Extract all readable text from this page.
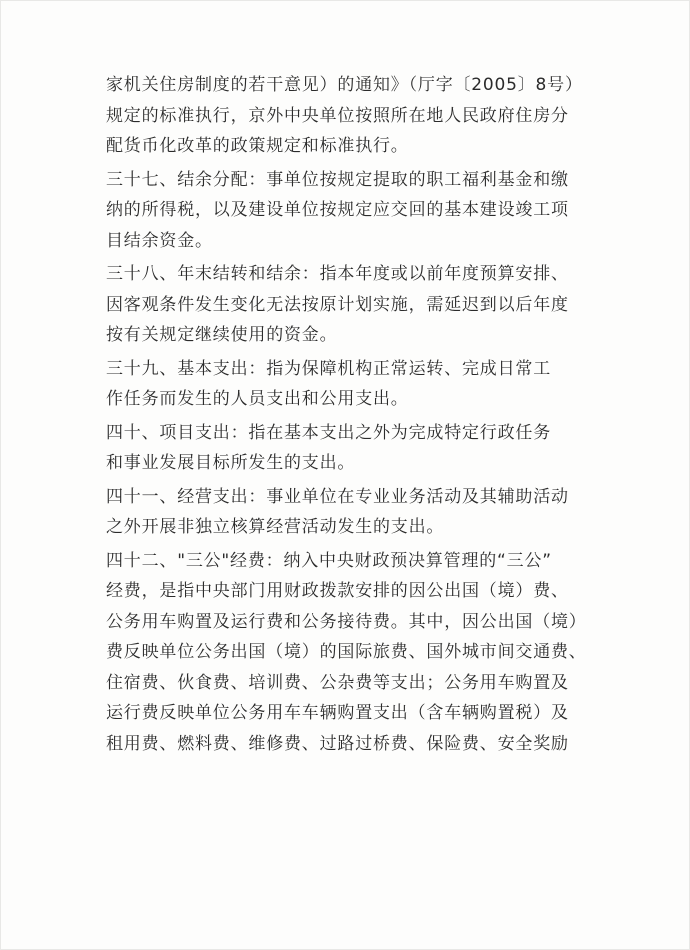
家机关住房制度的若干意见）的通知》（厅字〔2005〕8号）
规定的标准执行，京外中央单位按照所在地人民政府住房分
配货币化改革的政策规定和标准执行。
三十七、结余分配：事单位按规定提取的职工福利基金和缴
纳的所得税，以及建设单位按规定应交回的基本建设竣工项
目结余资金。
三十八、年末结转和结余：指本年度或以前年度预算安排、
因客观条件发生变化无法按原计划实施，需延迟到以后年度
按有关规定继续使用的资金。
三十九、基本支出：指为保障机构正常运转、完成日常工
作任务而发生的人员支出和公用支出。
四十、项目支出：指在基本支出之外为完成特定行政任务
和事业发展目标所发生的支出。
四十一、经营支出：事业单位在专业业务活动及其辅助活动
之外开展非独立核算经营活动发生的支出。
四十二、"三公"经费：纳入中央财政预决算管理的“三公”
经费，是指中央部门用财政拨款安排的因公出国（境）费、
公务用车购置及运行费和公务接待费。其中，因公出国（境）
费反映单位公务出国（境）的国际旅费、国外城市间交通费、
住宿费、伙食费、培训费、公杂费等支出；公务用车购置及
运行费反映单位公务用车车辆购置支出（含车辆购置税）及
租用费、燃料费、维修费、过路过桥费、保险费、安全奖励
